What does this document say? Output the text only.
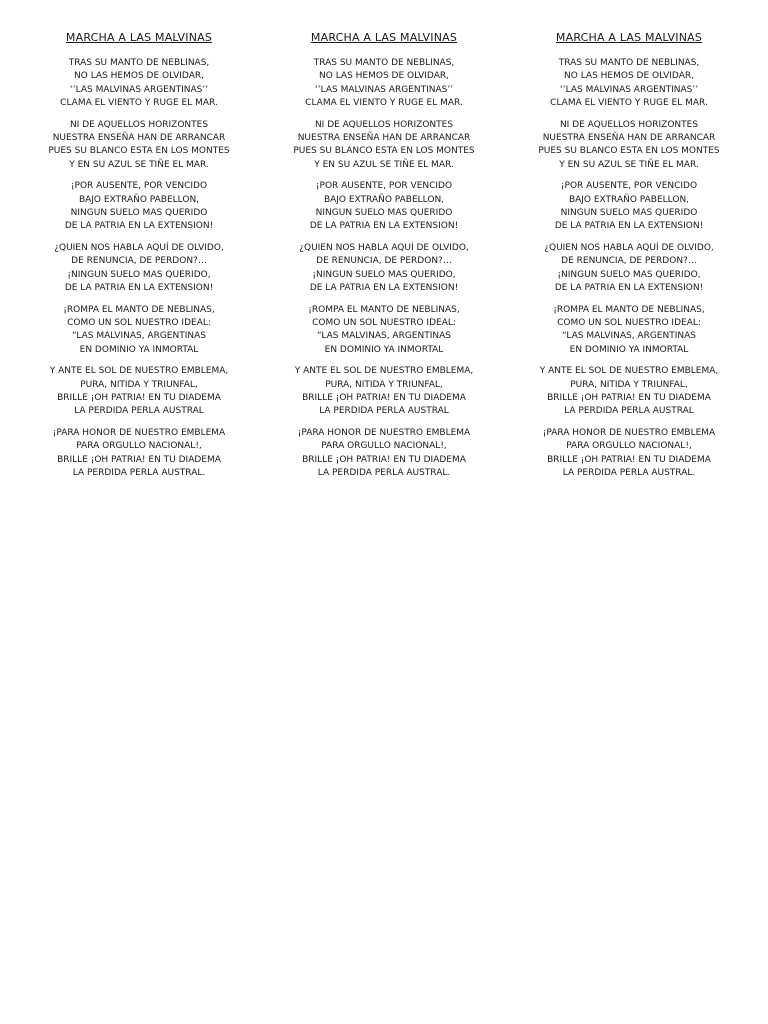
MARCHA A LAS MALVINAS
TRAS SU MANTO DE NEBLINAS,
NO LAS HEMOS DE OLVIDAR,
‘’LAS MALVINAS ARGENTINAS’’
CLAMA EL VIENTO Y RUGE EL MAR.
NI DE AQUELLOS HORIZONTES
NUESTRA ENSEÑA HAN DE ARRANCAR
PUES SU BLANCO ESTA EN LOS MONTES
Y EN SU AZUL SE TIÑE EL MAR.
¡POR AUSENTE, POR VENCIDO
BAJO EXTRAÑO PABELLON,
NINGUN SUELO MAS QUERIDO
DE LA PATRIA EN LA EXTENSION!
¿QUIEN NOS HABLA AQUÍ DE OLVIDO,
DE RENUNCIA, DE PERDON?…
¡NINGUN SUELO MAS QUERIDO,
DE LA PATRIA EN LA EXTENSION!
¡ROMPA EL MANTO DE NEBLINAS,
COMO UN SOL NUESTRO IDEAL:
“LAS MALVINAS, ARGENTINAS
EN DOMINIO YA INMORTAL
Y ANTE EL SOL DE NUESTRO EMBLEMA,
PURA, NITIDA Y TRIUNFAL,
BRILLE ¡OH PATRIA! EN TU DIADEMA
LA PERDIDA PERLA AUSTRAL
¡PARA HONOR DE NUESTRO EMBLEMA
PARA ORGULLO NACIONAL!,
BRILLE ¡OH PATRIA! EN TU DIADEMA
LA PERDIDA PERLA AUSTRAL.
MARCHA A LAS MALVINAS
TRAS SU MANTO DE NEBLINAS,
NO LAS HEMOS DE OLVIDAR,
‘’LAS MALVINAS ARGENTINAS’’
CLAMA EL VIENTO Y RUGE EL MAR.
NI DE AQUELLOS HORIZONTES
NUESTRA ENSEÑA HAN DE ARRANCAR
PUES SU BLANCO ESTA EN LOS MONTES
Y EN SU AZUL SE TIÑE EL MAR.
¡POR AUSENTE, POR VENCIDO
BAJO EXTRAÑO PABELLON,
NINGUN SUELO MAS QUERIDO
DE LA PATRIA EN LA EXTENSION!
¿QUIEN NOS HABLA AQUÍ DE OLVIDO,
DE RENUNCIA, DE PERDON?…
¡NINGUN SUELO MAS QUERIDO,
DE LA PATRIA EN LA EXTENSION!
¡ROMPA EL MANTO DE NEBLINAS,
COMO UN SOL NUESTRO IDEAL:
“LAS MALVINAS, ARGENTINAS
EN DOMINIO YA INMORTAL
Y ANTE EL SOL DE NUESTRO EMBLEMA,
PURA, NITIDA Y TRIUNFAL,
BRILLE ¡OH PATRIA! EN TU DIADEMA
LA PERDIDA PERLA AUSTRAL
¡PARA HONOR DE NUESTRO EMBLEMA
PARA ORGULLO NACIONAL!,
BRILLE ¡OH PATRIA! EN TU DIADEMA
LA PERDIDA PERLA AUSTRAL.
MARCHA A LAS MALVINAS
TRAS SU MANTO DE NEBLINAS,
NO LAS HEMOS DE OLVIDAR,
‘’LAS MALVINAS ARGENTINAS’’
CLAMA EL VIENTO Y RUGE EL MAR.
NI DE AQUELLOS HORIZONTES
NUESTRA ENSEÑA HAN DE ARRANCAR
PUES SU BLANCO ESTA EN LOS MONTES
Y EN SU AZUL SE TIÑE EL MAR.
¡POR AUSENTE, POR VENCIDO
BAJO EXTRAÑO PABELLON,
NINGUN SUELO MAS QUERIDO
DE LA PATRIA EN LA EXTENSION!
¿QUIEN NOS HABLA AQUÍ DE OLVIDO,
DE RENUNCIA, DE PERDON?…
¡NINGUN SUELO MAS QUERIDO,
DE LA PATRIA EN LA EXTENSION!
¡ROMPA EL MANTO DE NEBLINAS,
COMO UN SOL NUESTRO IDEAL:
“LAS MALVINAS, ARGENTINAS
EN DOMINIO YA INMORTAL
Y ANTE EL SOL DE NUESTRO EMBLEMA,
PURA, NITIDA Y TRIUNFAL,
BRILLE ¡OH PATRIA! EN TU DIADEMA
LA PERDIDA PERLA AUSTRAL
¡PARA HONOR DE NUESTRO EMBLEMA
PARA ORGULLO NACIONAL!,
BRILLE ¡OH PATRIA! EN TU DIADEMA
LA PERDIDA PERLA AUSTRAL.
